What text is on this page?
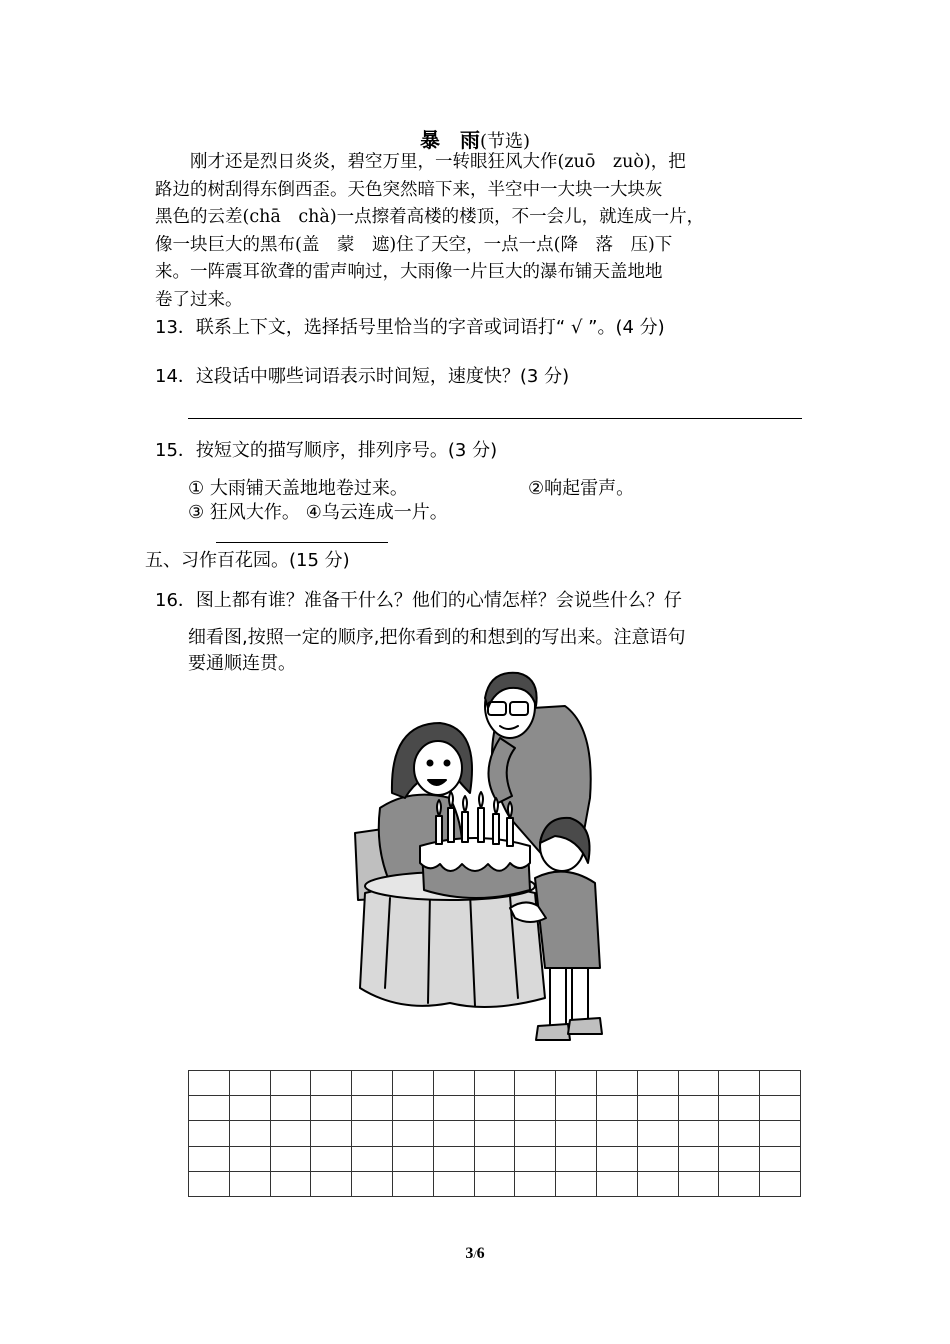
暴　雨(节选)
　　刚才还是烈日炎炎，碧空万里，一转眼狂风大作(zuō　zuò)，把
路边的树刮得东倒西歪。天色突然暗下来，半空中一大块一大块灰
黑色的云差(chā　chà)一点擦着高楼的楼顶，不一会儿，就连成一片，
像一块巨大的黑布(盖　蒙　遮)住了天空，一点一点(降　落　压)下
来。一阵震耳欲聋的雷声响过，大雨像一片巨大的瀑布铺天盖地地
卷了过来。
13．联系上下文，选择括号里恰当的字音或词语打“ √ ”。(4 分)
14．这段话中哪些词语表示时间短，速度快？(3 分)
15．按短文的描写顺序，排列序号。(3 分)
① 大雨铺天盖地地卷过来。	②响起雷声。
③ 狂风大作。 ④乌云连成一片。
五、习作百花园。(15 分)
16．图上都有谁？准备干什么？他们的心情怎样？会说些什么？仔
细看图,按照一定的顺序,把你看到的和想到的写出来。注意语句
要通顺连贯。

3/6
